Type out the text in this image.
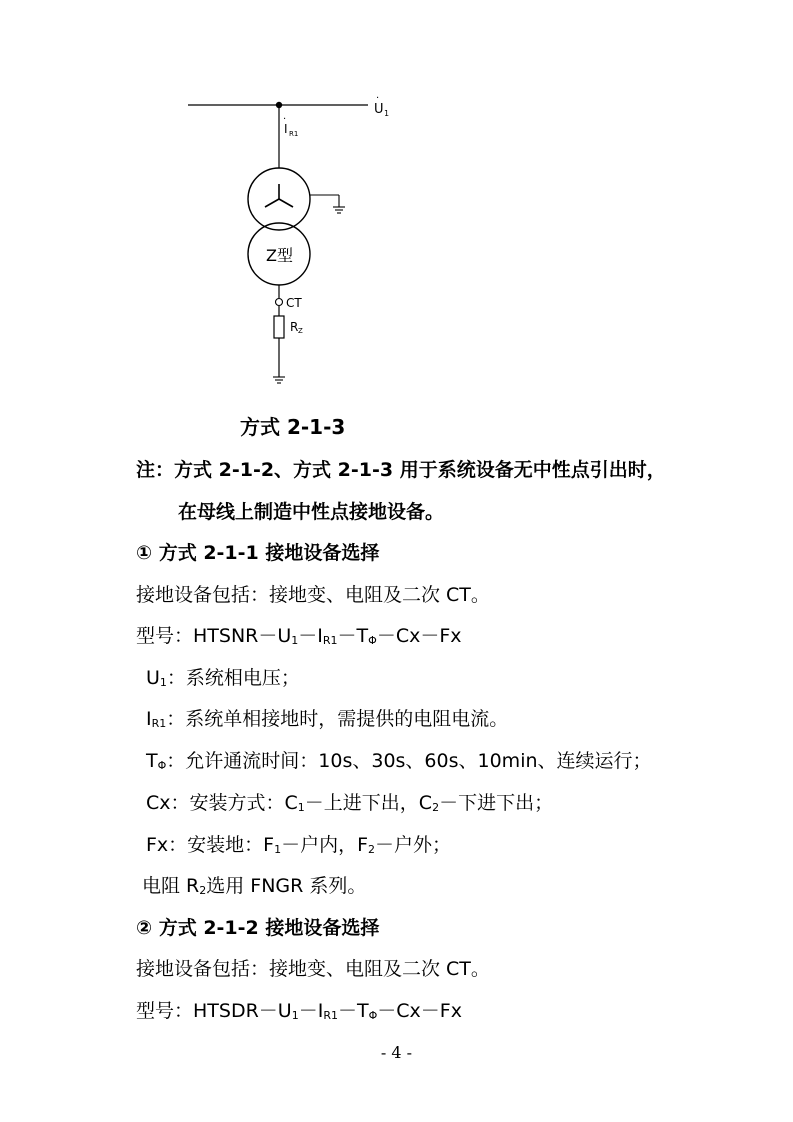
U
·
1
·
I R1
Z型
CT
R Z
方式 2-1-3
注：方式 2-1-2、方式 2-1-3 用于系统设备无中性点引出时，
在母线上制造中性点接地设备。
① 方式 2-1-1 接地设备选择
接地设备包括：接地变、电阻及二次 CT。
型号：$HTSNR-U_1-I_{R1}-T_\Phi-Cx-Fx$
$U_1$：系统相电压；
$I_{R1}$：系统单相接地时，需提供的电阻电流。
$T_\Phi$：允许通流时间：10s、30s、60s、10min、连续运行；
Cx：安装方式：$C_1-$上进下出，$C_2-$下进下出；
Fx：安装地：$F_1-$户内，$F_2-$户外；
电阻 $R_2$选用 FNGR 系列。
② 方式 2-1-2 接地设备选择
接地设备包括：接地变、电阻及二次 CT。
型号：$HTSDR-U_1-I_{R1}-T_\Phi-Cx-Fx$
- 4 -
